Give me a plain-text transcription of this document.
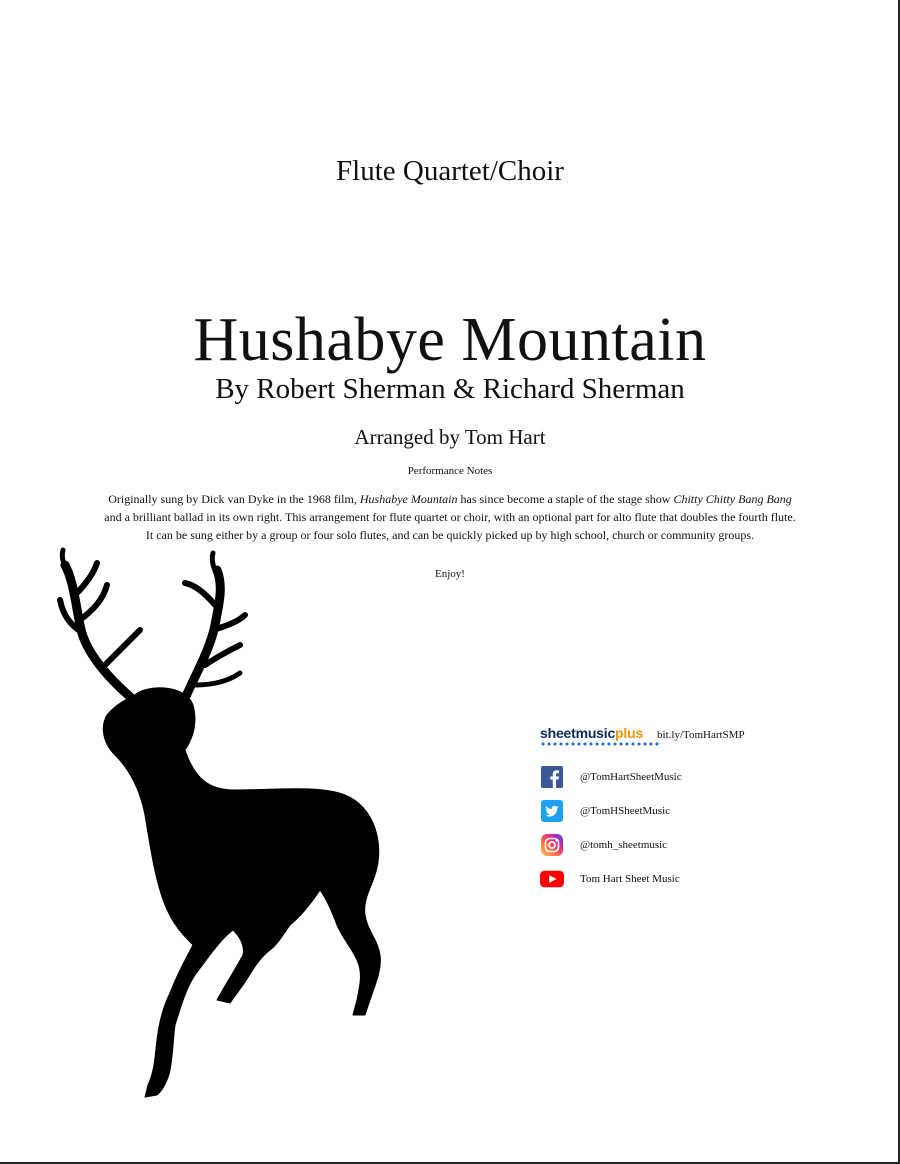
Flute Quartet/Choir
Hushabye Mountain
By Robert Sherman & Richard Sherman
Arranged by Tom Hart
Performance Notes
Originally sung by Dick van Dyke in the 1968 film, Hushabye Mountain has since become a staple of the stage show Chitty Chitty Bang Bang and a brilliant ballad in its own right. This arrangement for flute quartet or choir, with an optional part for alto flute that doubles the fourth flute. It can be sung either by a group or four solo flutes, and can be quickly picked up by high school, church or community groups.
Enjoy!
sheetmusicplus bit.ly/TomHartSMP
@TomHartSheetMusic
@TomHSheetMusic
@tomh_sheetmusic
Tom Hart Sheet Music
